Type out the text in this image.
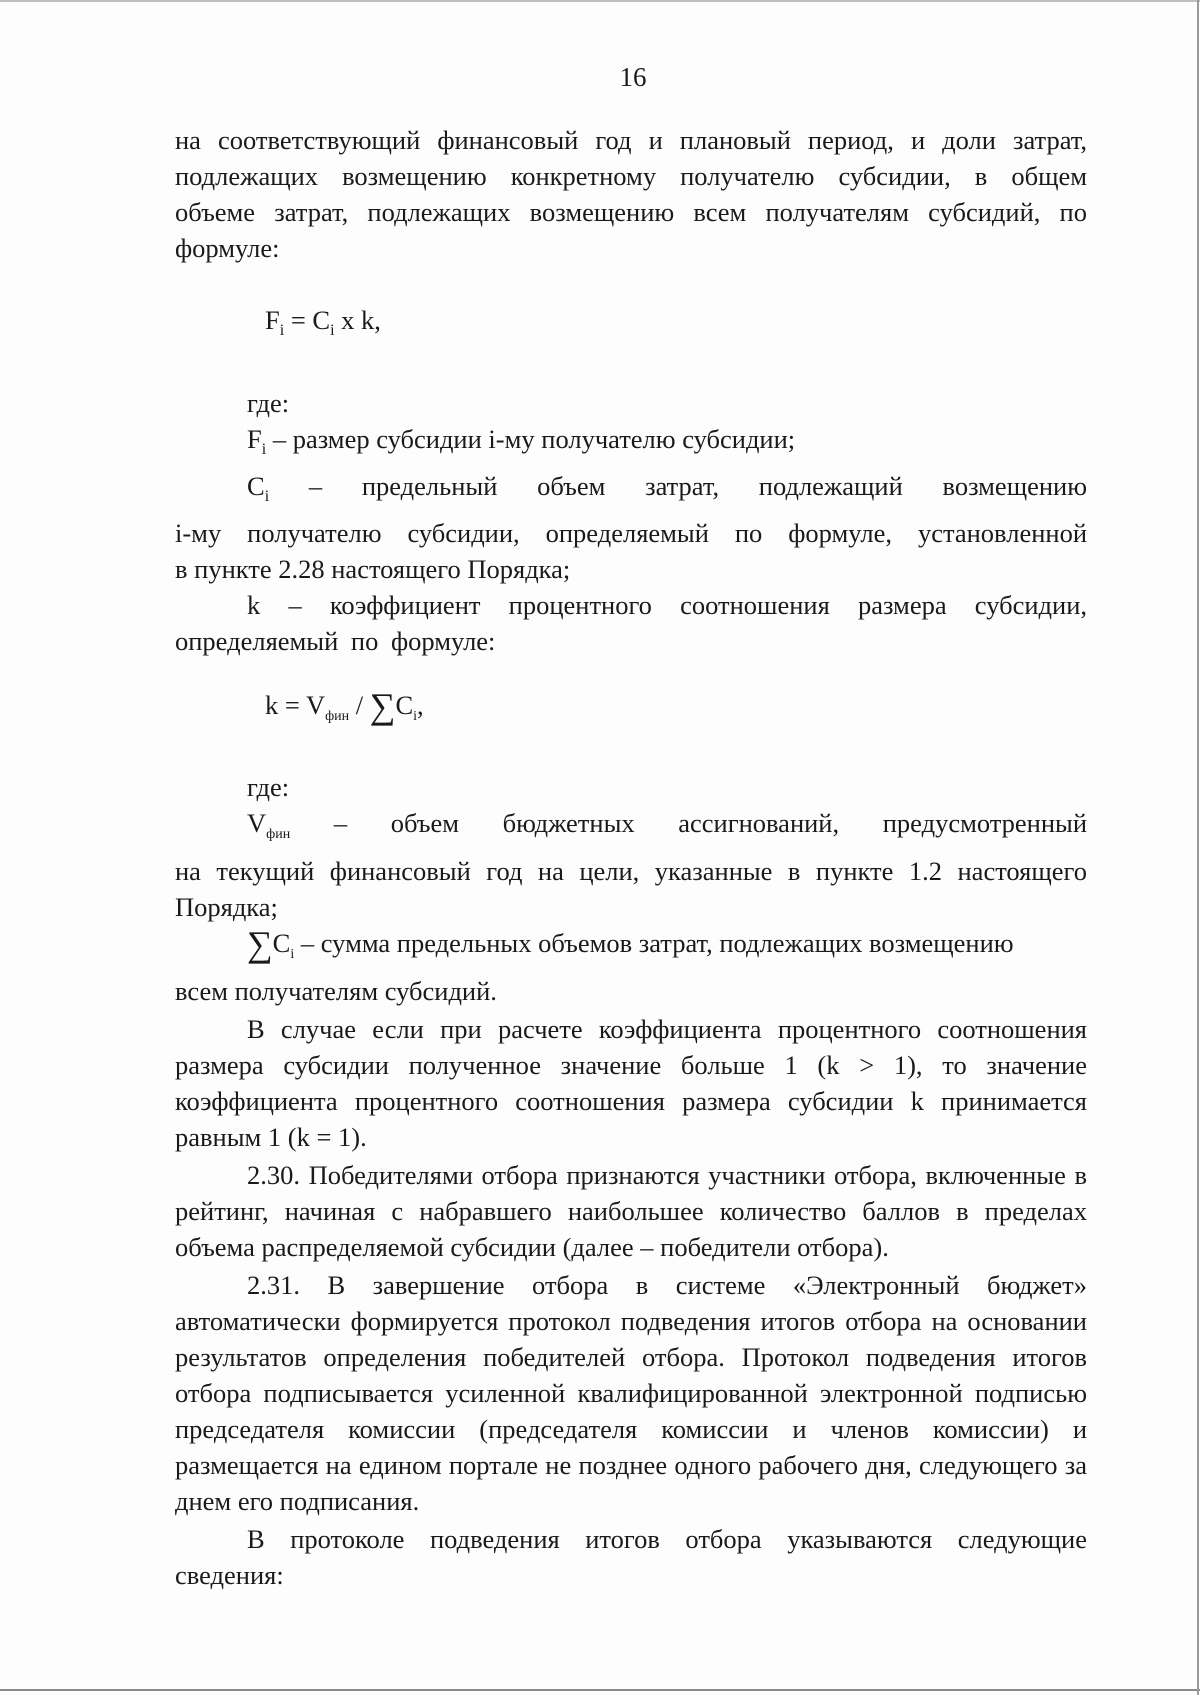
16

на соответствующий финансовый год и плановый период, и доли затрат, подлежащих возмещению конкретному получателю субсидии, в общем объеме затрат, подлежащих возмещению всем получателям субсидий, по формуле:

$F_i = C_i$ x k,

где:

$F_i$ – размер субсидии i-му получателю субсидии;

$C_i$ – предельный объем затрат, подлежащий возмещению
i-му получателю субсидии, определяемый по формуле, установленной
в пункте 2.28 настоящего Порядка;

k – коэффициент процентного соотношения размера субсидии, определяемый по формуле:

$k = V_{фин} / \sum C_i$,

где:

$V_{фин}$ – объем бюджетных ассигнований, предусмотренный
на текущий финансовый год на цели, указанные в пункте 1.2 настоящего
Порядка;
$\sum C_i$ – сумма предельных объемов затрат, подлежащих возмещению
всем получателям субсидий.

В случае если при расчете коэффициента процентного соотношения размера субсидии полученное значение больше 1 (k > 1), то значение коэффициента процентного соотношения размера субсидии k принимается равным 1 (k = 1).

2.30. Победителями отбора признаются участники отбора, включенные в рейтинг, начиная с набравшего наибольшее количество баллов в пределах объема распределяемой субсидии (далее – победители отбора).

2.31. В завершение отбора в системе «Электронный бюджет» автоматически формируется протокол подведения итогов отбора на основании результатов определения победителей отбора. Протокол подведения итогов отбора подписывается усиленной квалифицированной электронной подписью председателя комиссии (председателя комиссии и членов комиссии) и размещается на едином портале не позднее одного рабочего дня, следующего за днем его подписания.

В протоколе подведения итогов отбора указываются следующие сведения:
